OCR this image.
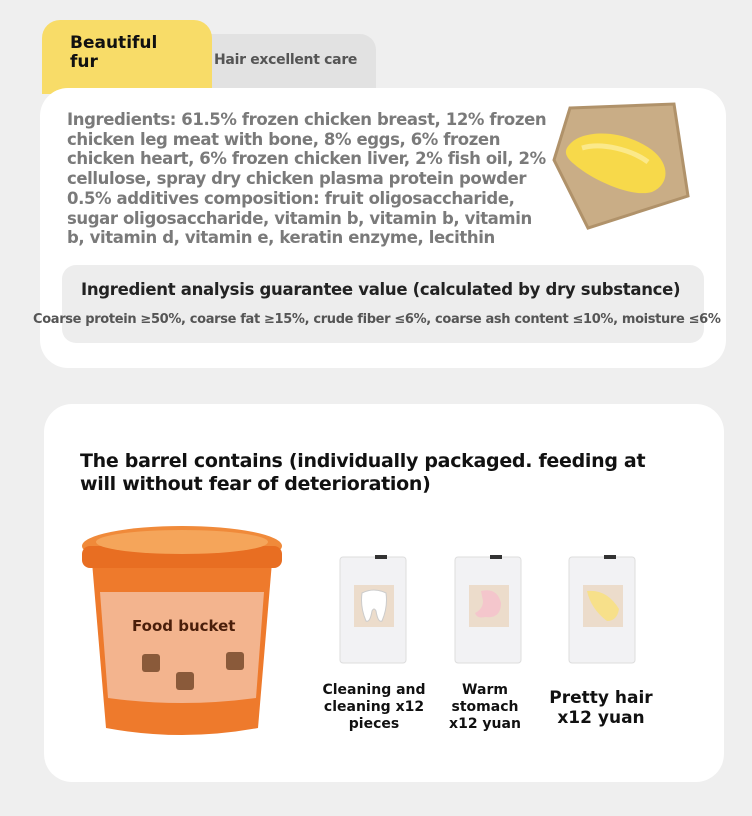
Hair excellent care
Beautiful fur
Ingredients: 61.5% frozen chicken breast, 12% frozen chicken leg meat with bone, 8% eggs, 6% frozen chicken heart, 6% frozen chicken liver, 2% fish oil, 2% cellulose, spray dry chicken plasma protein powder 0.5% additives composition: fruit oligosaccharide, sugar oligosaccharide, vitamin b, vitamin b, vitamin b, vitamin d, vitamin e, keratin enzyme, lecithin
Ingredient analysis guarantee value (calculated by dry substance)
Coarse protein ≥50%, coarse fat ≥15%, crude fiber ≤6%, coarse ash content ≤10%, moisture ≤6%
The barrel contains (individually packaged. feeding at will without fear of deterioration)
Food bucket
Cleaning and cleaning x12 pieces
Warm stomach x12 yuan
Pretty hair x12 yuan
